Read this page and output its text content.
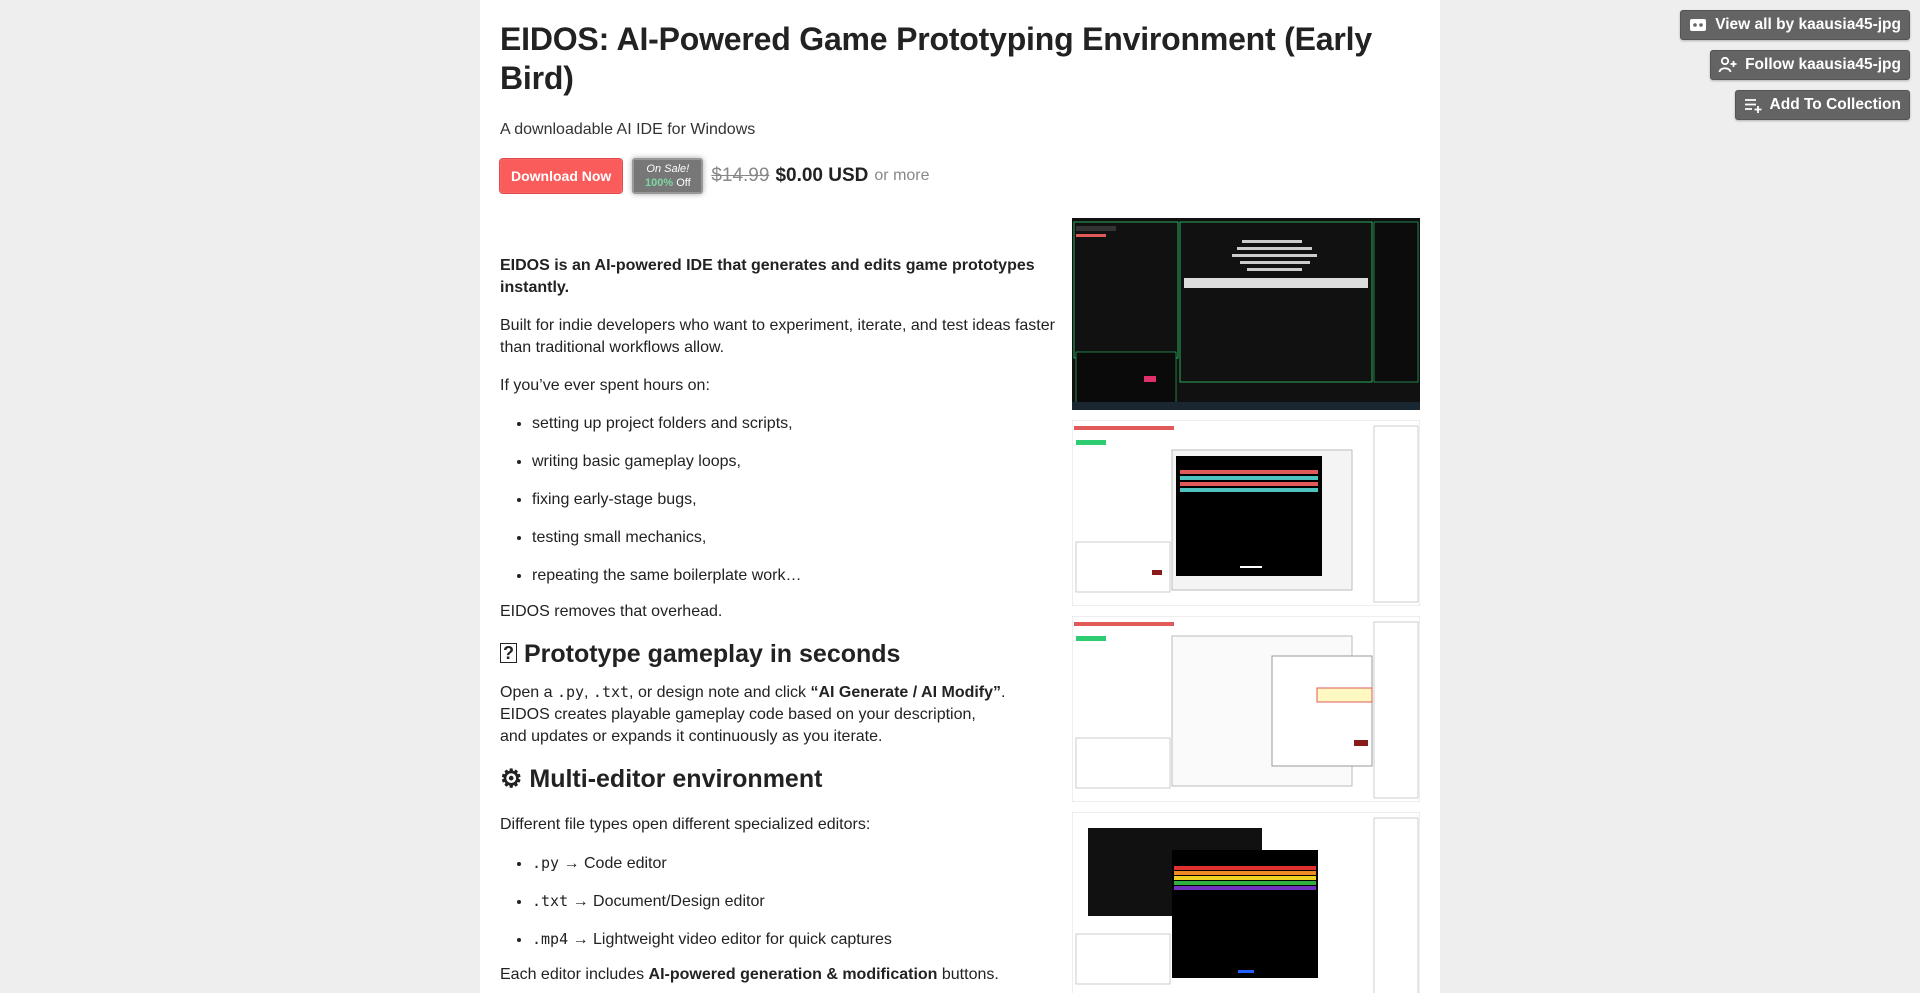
View all by kaausia45-jpg
Follow kaausia45-jpg
Add To Collection
EIDOS: AI-Powered Game Prototyping Environment (Early Bird)
A downloadable AI IDE for Windows
Download Now	On Sale!
100% Off	$14.99 $0.00 USD or more

EIDOS is an AI-powered IDE that generates and edits game prototypes instantly.

Built for indie developers who want to experiment, iterate, and test ideas faster than traditional workflows allow.

If you’ve ever spent hours on:

• setting up project folders and scripts,
• writing basic gameplay loops,
• fixing early-stage bugs,
• testing small mechanics,
• repeating the same boilerplate work…

EIDOS removes that overhead.

? Prototype gameplay in seconds

Open a .py, .txt, or design note and click “AI Generate / AI Modify”.
EIDOS creates playable gameplay code based on your description,
and updates or expands it continuously as you iterate.

⚙ Multi-editor environment

Different file types open different specialized editors:

• .py → Code editor
• .txt → Document/Design editor
• .mp4 → Lightweight video editor for quick captures

Each editor includes AI-powered generation & modification buttons.
